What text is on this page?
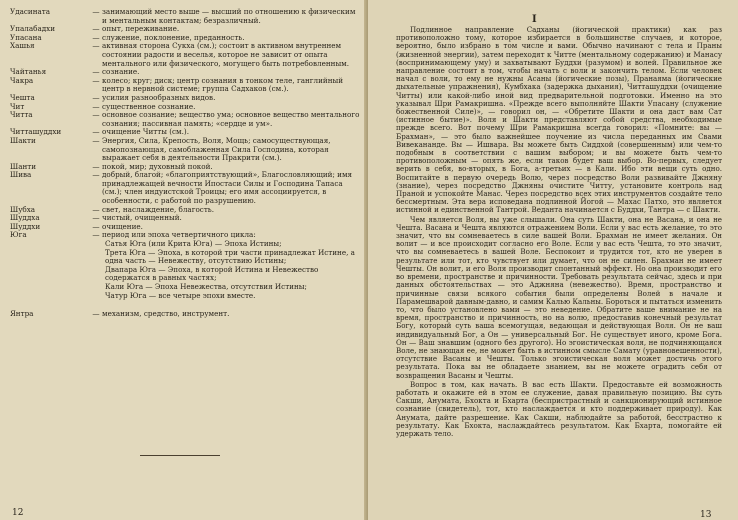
Удасината	— занимающий место выше — высший по отношению к физическим и ментальным контактам; безразличный.
Упалабадхи	— опыт, переживание.
Упасана	— служение, поклонение, преданность.
Хашья	— активная сторона Сукха (см.); состоит в активном внутреннем состоянии радости и веселья, которое не зависит от опыта ментального или физического, могущего быть потребовленным.
Чайтанья	— сознание.
Чакра	— колесо; круг; диск; центр сознания в тонком теле, ганглийный центр в нервной системе; группа Садхаков (см.).
Чешта	— усилия разнообразных видов.
Чит	— существенное сознание.
Читта	— основное сознание; вещество ума; основное вещество ментального сознания; пассивная память; «сердце и ум».
Читташуддхи	— очищение Читты (см.).
Шакти	— Энергия, Сила, Крепость, Воля, Мощь; самосуществующая, самопознающая, самоблаженная Сила Господина, которая выражает себя в деятельности Пракрити (см.).
Шанти	— покой, мир; духовный покой.
Шива	— добрый, благой; «благоприятствующий», Благословляющий; имя принадлежащей вечности Ипостаси Силы и Господина Тапаса (см.); член индуистской Троицы; его имя ассоциируется, в особенности, с работой по разрушению.
Шубха	— свет, наслаждение, благость.
Шуддха	— чистый, очищенный.
Шуддхи	— очищение.
Юга	— период или эпоха четвертичного цикла:
Сатья Юга (или Крита Юга) — Эпоха Истины;
Трета Юга — Эпоха, в которой три части принадлежат Истине, а одна часть — Невежеству, отсутствию Истины;
Двапара Юга — Эпоха, в которой Истина и Невежество содержатся в равных частях;
Кали Юга — Эпоха Невежества, отсутствия Истины;
Чатур Юга — все четыре эпохи вместе.
Янтра	— механизм, средство, инструмент.
12
I

Подлинное направление Садханы (йогической практики) как раз противоположно тому, которое избирается в большинстве случаев, и которое, вероятно, было избрано в том числе и вами. Обычно начинают с тела и Праны (жизненной энергии), затем переходят к Читте (ментальному содержанию) и Манасу (воспринимающему уму) и захватывают Буддхи (разумом) и волей. Правильное же направление состоит в том, чтобы начать с воли и закончить телом. Если человек начал с воли, то ему не нужны Асаны (йогические позы), Пранаяма (йогические дыхательные упражнения), Кумбхака (задержка дыхания), Читташуддхи (очищение Читты) или какой-либо иной вид предварительной подготовки. Именно на это указывал Шри Рамакришна. «Прежде всего выполняйте Шакти Упасану (служение божественной Силе)», — говорил он, — «Обретите Шакти и она даст вам Сат (истинное бытие)». Воля и Шакти представляют собой средства, необходимые прежде всего. Вот почему Шри Рамакришна всегда говорил: «Помните: вы — Брахман», — это было важнейшее поучение из числа переданных им Свами Вивекананде. Вы — Ишвара. Вы можете быть Сиддхой (совершенным) или чем-то подобным в соответствии с вашим выбором; и вы можете быть чем-то противоположным — опять же, если таков будет ваш выбор. Во-первых, следует верить в себя, во-вторых, в Бога, а-третьих — в Кали. Ибо эти вещи суть одно. Воспитайте в первую очередь Волю, через посредство Воли развивайте Джняну (знание), через посредство Джняны очистите Читту, установите контроль над Праной и успокойте Манас. Через посредство всех этих инструментов создайте тело бессмертным. Эта вера исповедана подлинной Йогой — Махас Патхо, это является истинной и единственной Тантрой. Ведантa начинается с Буддхи, Тантра — с Шакти.

Чем является Воля, вы уже слышали. Она суть Шакти, она не Васана, и она не Чешта. Васана и Чешта являются отражением Воли. Если у вас есть желание, то это значит, что вы сомневаетесь в силе вашей Воли. Брахман не имеет желания. Он волит — и все происходит согласно его Воле. Если у вас есть Чешта, то это значит, что вы сомневаетесь в вашей Воле. Беспокоит и трудится тот, кто не уверен в результате или тот, кто чувствует или думает, что он не силен. Брахман не имеет Чешты. Он волит, и его Воля производит спонтанный эффект. Но она производит его во времени, пространстве и причинности. Требовать результата сейчас, здесь и при данных обстоятельствах — это Аджняна (невежество). Время, пространство и причинные связи всякого события были определены Волей в начале и Парамешварой давным-давно, и самим Калью Кальны. Бороться и пытаться изменить то, что было установлено вами — это неведение. Обратите ваше внимание не на время, пространство и причинность, но на волю, предоставив конечный результат Богу, который суть ваша всемогущая, ведающая и действующая Воля. Он не ваш индивидуальный Бог, а Он — универсальный Бог. Не существует иного, кроме Бога. Он — Ваш знавшим (одного без другого). Но эгоистическая воля, не подчиняющаяся Воле, не знающая ее, не может быть в истинном смысле Самату (уравновешенности), отсутствие Васаны и Чешты. Только эгоистическая воля может достичь этого результата. Покa вы не обладаете знанием, вы не можете оградить себя от возвращения Васаны и Чешты.

Вопрос в том, как начать. В вас есть Шакти. Предоставьте ей возможность работать и окажите ей в этом ее служение, давая правильную позицию. Вы суть Сакши, Анумата, Бхокта и Бхарта (беспристрастный и санкционирующий истинное сознание (свидетель), тот, кто наслаждается и кто поддерживает природу). Как Анумата, дайте разрешение. Как Сакши, наблюдайте за работой, бесстрастно к результату. Как Бхокта, наслаждайтесь результатом. Как Бхарта, помогайте ей удержать тело.

13
